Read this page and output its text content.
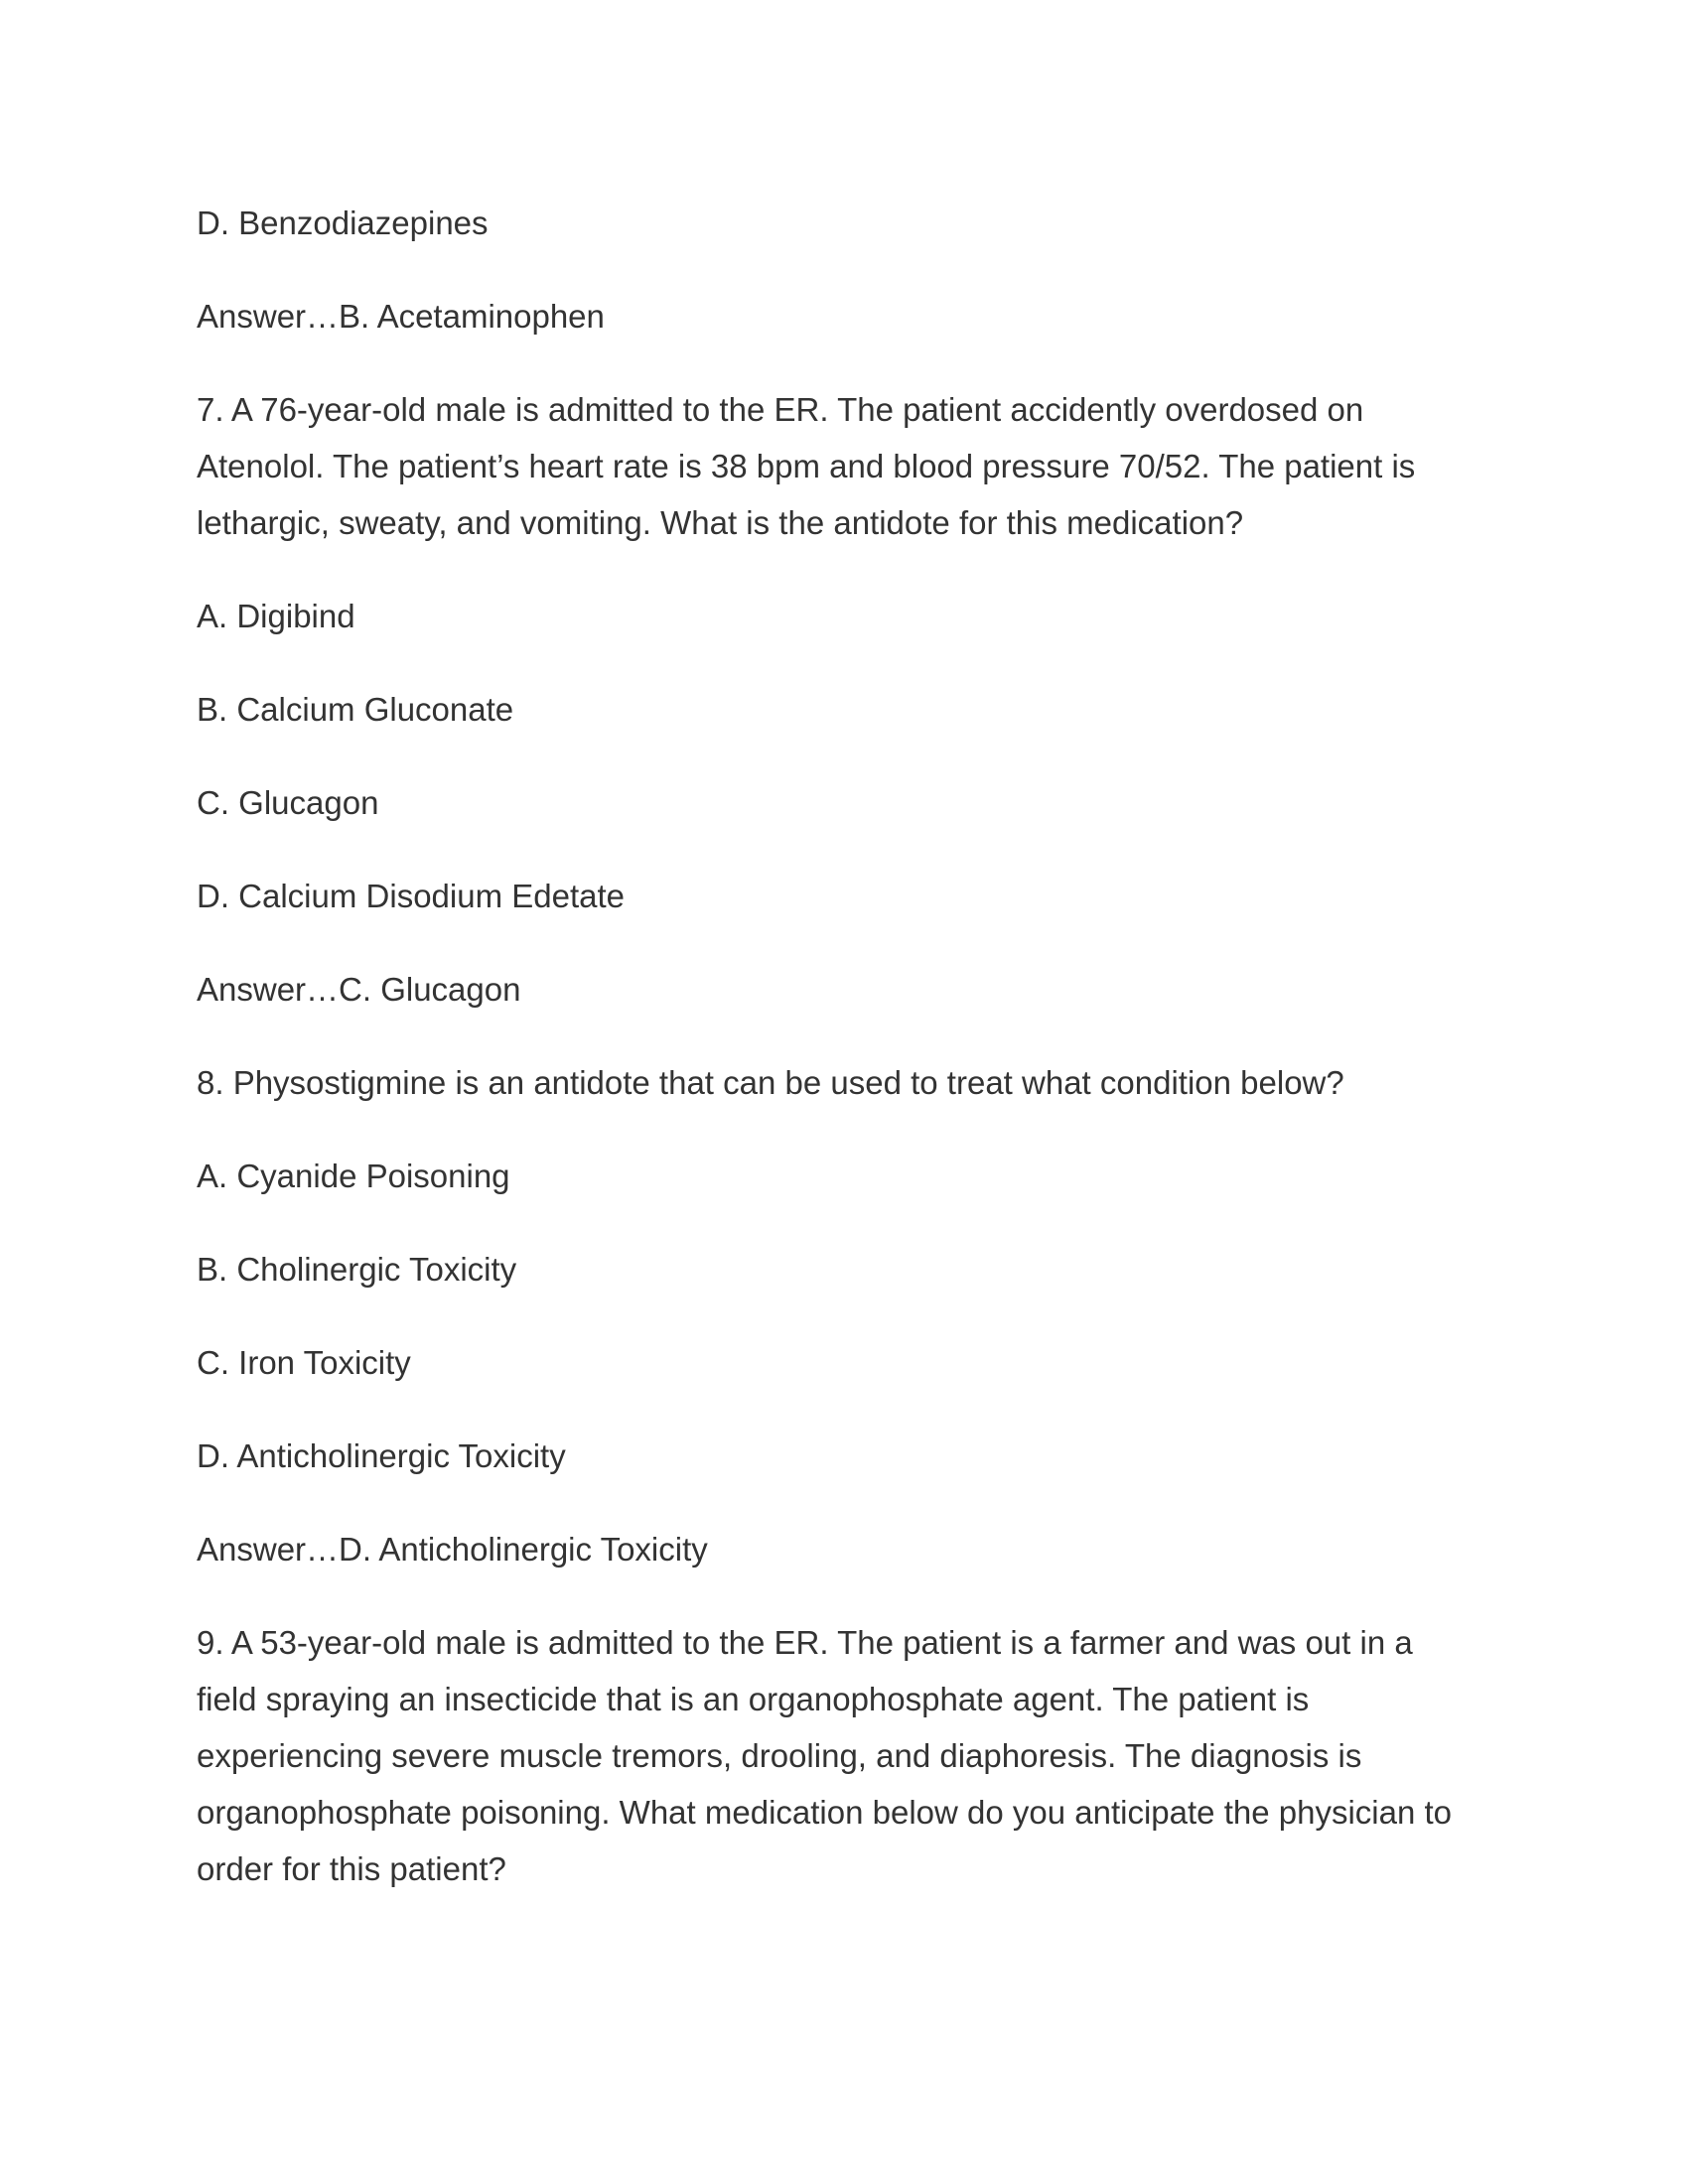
D. Benzodiazepines

Answer…B. Acetaminophen

7. A 76-year-old male is admitted to the ER. The patient accidently overdosed on
Atenolol. The patient’s heart rate is 38 bpm and blood pressure 70/52. The patient is
lethargic, sweaty, and vomiting. What is the antidote for this medication?

A. Digibind

B. Calcium Gluconate

C. Glucagon

D. Calcium Disodium Edetate

Answer…C. Glucagon

8. Physostigmine is an antidote that can be used to treat what condition below?

A. Cyanide Poisoning

B. Cholinergic Toxicity

C. Iron Toxicity

D. Anticholinergic Toxicity

Answer…D. Anticholinergic Toxicity

9. A 53-year-old male is admitted to the ER. The patient is a farmer and was out in a
field spraying an insecticide that is an organophosphate agent. The patient is
experiencing severe muscle tremors, drooling, and diaphoresis. The diagnosis is
organophosphate poisoning. What medication below do you anticipate the physician to
order for this patient?
